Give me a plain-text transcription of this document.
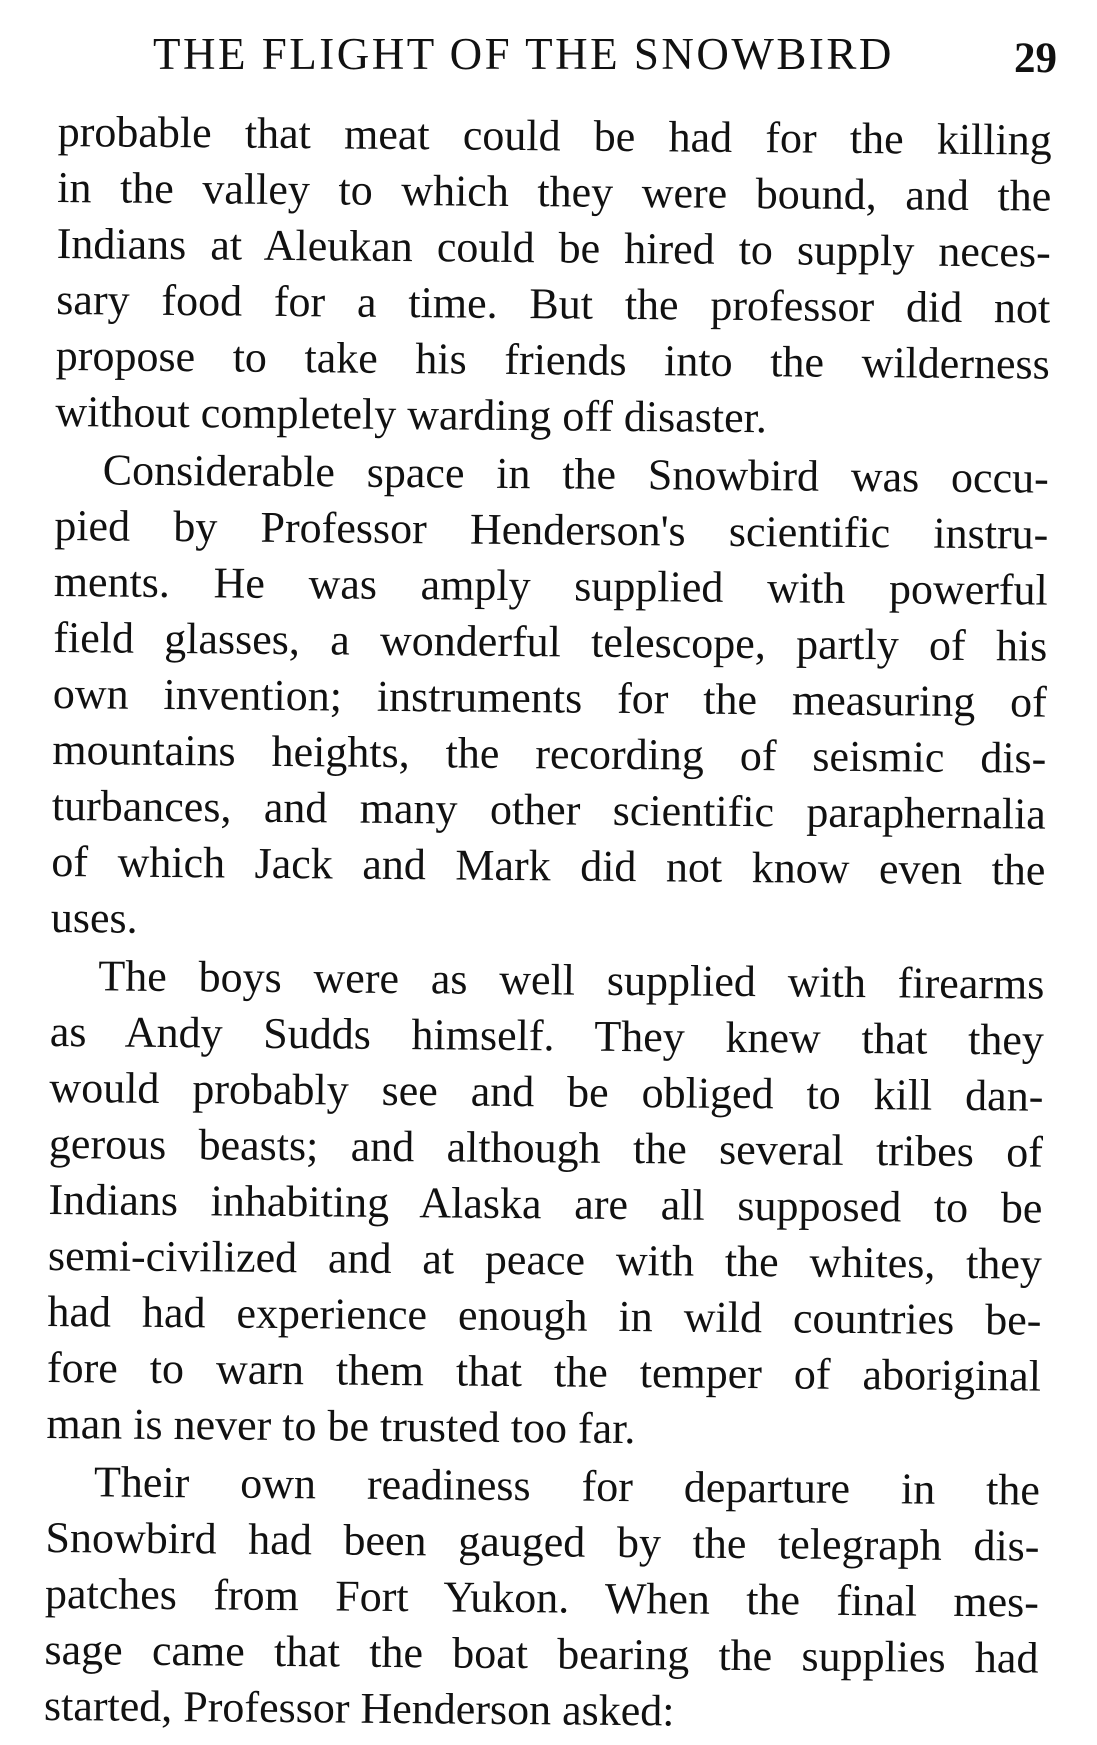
THE FLIGHT OF THE SNOWBIRD	29
probable that meat could be had for the killing
in the valley to which they were bound, and the
Indians at Aleukan could be hired to supply neces-
sary food for a time. But the professor did not
propose to take his friends into the wilderness
without completely warding off disaster.
Considerable space in the Snowbird was occu-
pied by Professor Henderson's scientific instru-
ments. He was amply supplied with powerful
field glasses, a wonderful telescope, partly of his
own invention; instruments for the measuring of
mountains heights, the recording of seismic dis-
turbances, and many other scientific paraphernalia
of which Jack and Mark did not know even the
uses.
The boys were as well supplied with firearms
as Andy Sudds himself. They knew that they
would probably see and be obliged to kill dan-
gerous beasts; and although the several tribes of
Indians inhabiting Alaska are all supposed to be
semi-civilized and at peace with the whites, they
had had experience enough in wild countries be-
fore to warn them that the temper of aboriginal
man is never to be trusted too far.
Their own readiness for departure in the
Snowbird had been gauged by the telegraph dis-
patches from Fort Yukon. When the final mes-
sage came that the boat bearing the supplies had
started, Professor Henderson asked:
